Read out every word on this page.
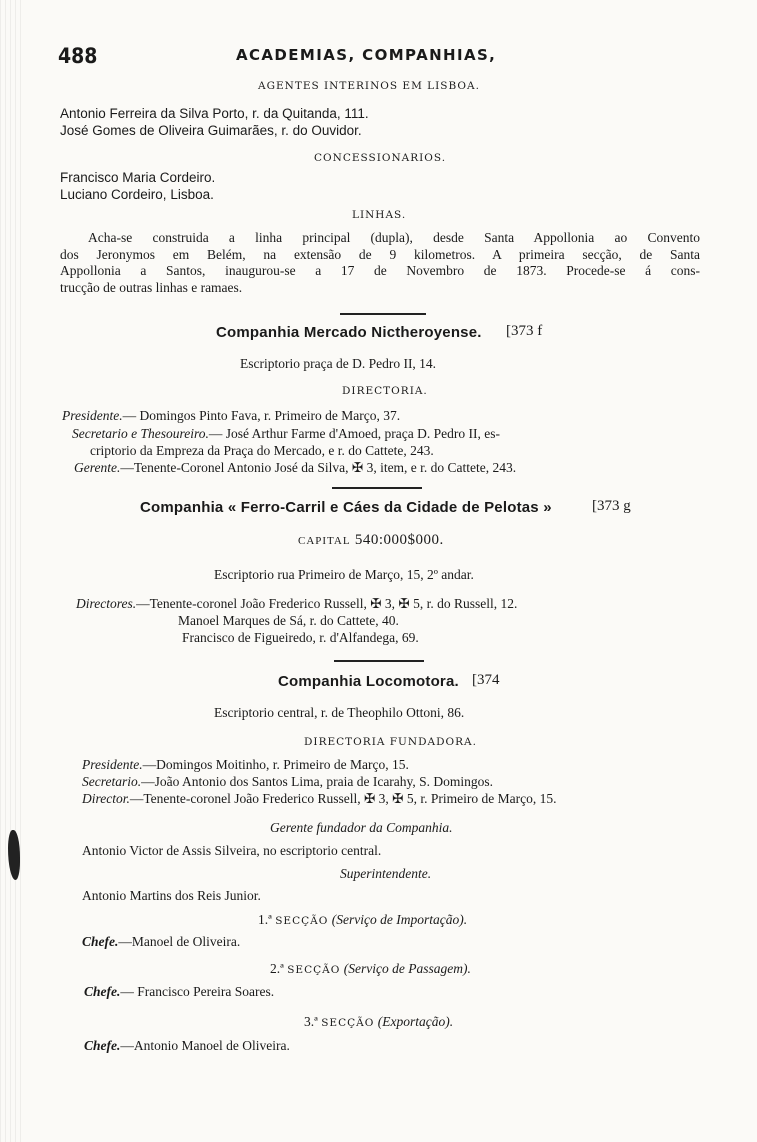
488	ACADEMIAS, COMPANHIAS,
AGENTES INTERINOS EM LISBOA.
Antonio Ferreira da Silva Porto, r. da Quitanda, 111.
José Gomes de Oliveira Guimarães, r. do Ouvidor.
CONCESSIONARIOS.
Francisco Maria Cordeiro.
Luciano Cordeiro, Lisboa.
LINHAS.
Acha-se construida a linha principal (dupla), desde Santa Appollonia ao Convento
dos Jeronymos em Belém, na extensão de 9 kilometros. A primeira secção, de Santa
Appollonia a Santos, inaugurou-se a 17 de Novembro de 1873. Procede-se á cons-
trucção de outras linhas e ramaes.
Companhia Mercado Nictheroyense. [373 f
Escriptorio praça de D. Pedro II, 14.
DIRECTORIA.
Presidente.— Domingos Pinto Fava, r. Primeiro de Março, 37.
Secretario e Thesoureiro.— José Arthur Farme d'Amoed, praça D. Pedro II, es-
criptorio da Empreza da Praça do Mercado, e r. do Cattete, 243.
Gerente.—Tenente-Coronel Antonio José da Silva, ✠ 3, item, e r. do Cattete, 243.
Companhia « Ferro-Carril e Cáes da Cidade de Pelotas »	[373 g
CAPITAL 540:000$000.
Escriptorio rua Primeiro de Março, 15, 2º andar.
Directores.—Tenente-coronel João Frederico Russell, ✠ 3, ✠ 5, r. do Russell, 12.
Manoel Marques de Sá, r. do Cattete, 40.
Francisco de Figueiredo, r. d'Alfandega, 69.
Companhia Locomotora. [374
Escriptorio central, r. de Theophilo Ottoni, 86.
DIRECTORIA FUNDADORA.
Presidente.—Domingos Moitinho, r. Primeiro de Março, 15.
Secretario.—João Antonio dos Santos Lima, praia de Icarahy, S. Domingos.
Director.—Tenente-coronel João Frederico Russell, ✠ 3, ✠ 5, r. Primeiro de Março, 15.
Gerente fundador da Companhia.
Antonio Victor de Assis Silveira, no escriptorio central.
Superintendente.
Antonio Martins dos Reis Junior.
1.ª SECÇÃO (Serviço de Importação).
Chefe.—Manoel de Oliveira.
2.ª SECÇÃO (Serviço de Passagem).
Chefe.— Francisco Pereira Soares.
3.ª SECÇÃO (Exportação).
Chefe.—Antonio Manoel de Oliveira.
